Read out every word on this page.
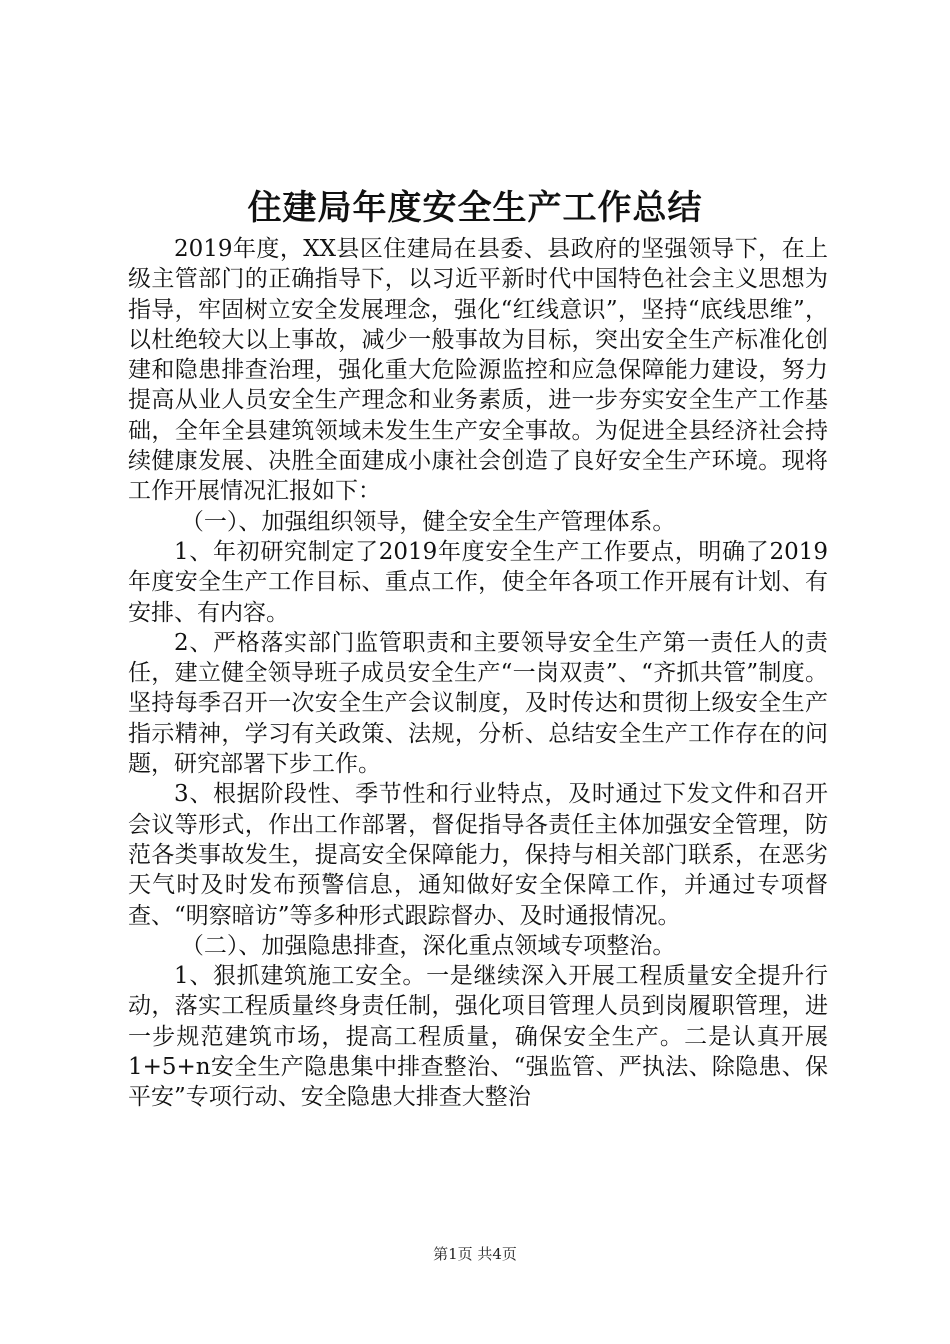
住建局年度安全生产工作总结

2019年度，XX县区住建局在县委、县政府的坚强领导下，在上级主管部门的正确指导下，以习近平新时代中国特色社会主义思想为指导，牢固树立安全发展理念，强化“红线意识”，坚持“底线思维”，以杜绝较大以上事故，减少一般事故为目标，突出安全生产标准化创建和隐患排查治理，强化重大危险源监控和应急保障能力建设，努力提高从业人员安全生产理念和业务素质，进一步夯实安全生产工作基础，全年全县建筑领域未发生生产安全事故。为促进全县经济社会持续健康发展、决胜全面建成小康社会创造了良好安全生产环境。现将工作开展情况汇报如下：

（一）、加强组织领导，健全安全生产管理体系。

1、年初研究制定了2019年度安全生产工作要点，明确了2019年度安全生产工作目标、重点工作，使全年各项工作开展有计划、有安排、有内容。

2、严格落实部门监管职责和主要领导安全生产第一责任人的责任，建立健全领导班子成员安全生产“一岗双责”、“齐抓共管”制度。坚持每季召开一次安全生产会议制度，及时传达和贯彻上级安全生产指示精神，学习有关政策、法规，分析、总结安全生产工作存在的问题，研究部署下步工作。

3、根据阶段性、季节性和行业特点，及时通过下发文件和召开会议等形式，作出工作部署，督促指导各责任主体加强安全管理，防范各类事故发生，提高安全保障能力，保持与相关部门联系，在恶劣天气时及时发布预警信息，通知做好安全保障工作，并通过专项督查、“明察暗访”等多种形式跟踪督办、及时通报情况。

（二）、加强隐患排查，深化重点领域专项整治。

1、狠抓建筑施工安全。一是继续深入开展工程质量安全提升行动，落实工程质量终身责任制，强化项目管理人员到岗履职管理，进一步规范建筑市场，提高工程质量，确保安全生产。二是认真开展1+5+n安全生产隐患集中排查整治、“强监管、严执法、除隐患、保平安”专项行动、安全隐患大排查大整治

第1页 共4页
